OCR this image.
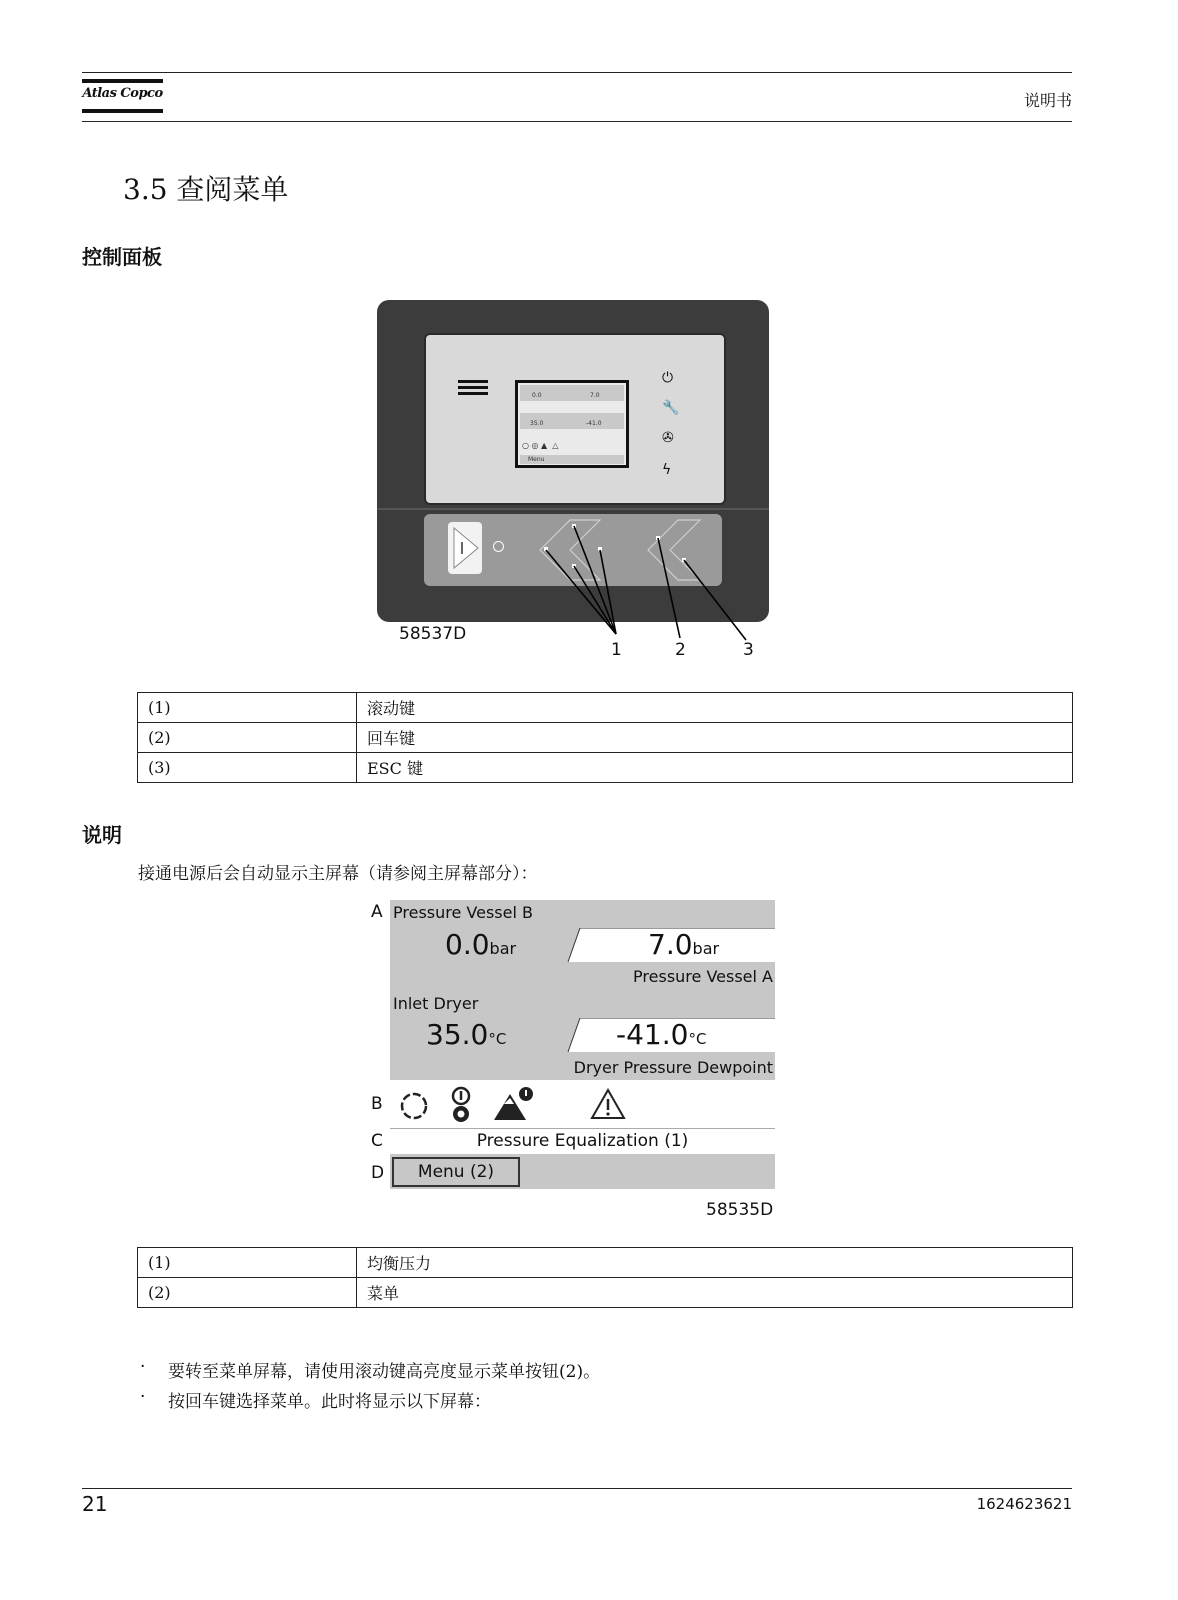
Atlas Copco	说明书
3.5 查阅菜单
控制面板
0.0	7.0
35.0	-41.0
○ ◎ ▲  △
Menu
⏻
🔧
✇
ϟ
58537D
1	2	3
(1)	滚动键
(2)	回车键
(3)	ESC 键
说明
接通电源后会自动显示主屏幕（请参阅主屏幕部分）：
A
B
C
D
Pressure Vessel B
0.0bar	7.0bar
Pressure Vessel A
Inlet Dryer
35.0°C	-41.0°C
Dryer Pressure Dewpoint
Pressure Equalization (1)
Menu (2)
58535D
(1)	均衡压力
(2)	菜单
· 要转至菜单屏幕，请使用滚动键高亮度显示菜单按钮(2)。
· 按回车键选择菜单。此时将显示以下屏幕：
21	1624623621
